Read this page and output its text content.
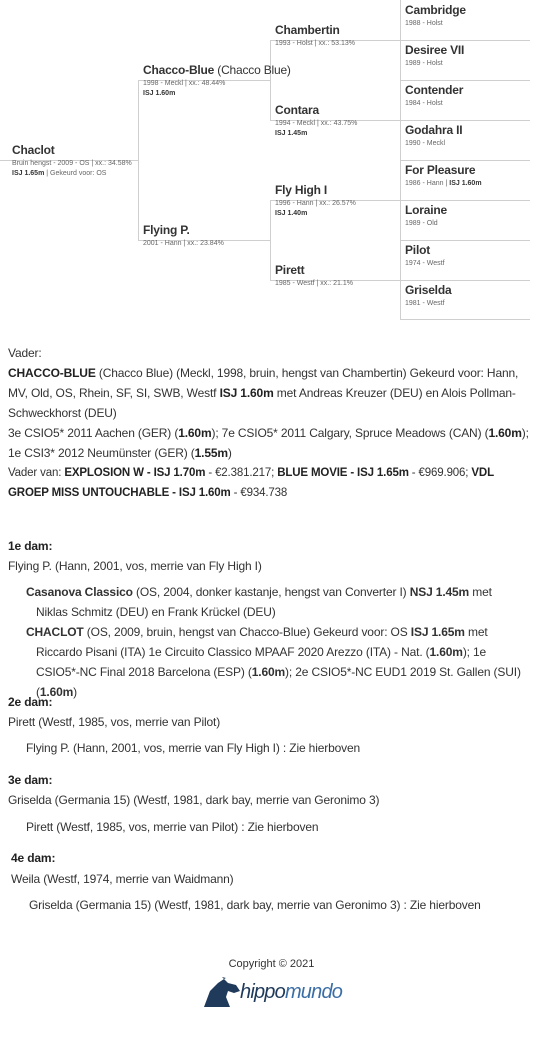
Chaclot
Bruin hengst - 2009 - OS | xx.: 34.58%
ISJ 1.65m | Gekeurd voor: OS
Chacco-Blue (Chacco Blue)
1998 - Meckl | xx.: 48.44%
ISJ 1.60m
Flying P.
2001 - Hann | xx.: 23.84%
Chambertin
1993 - Holst | xx.: 53.13%
Contara
1994 - Meckl | xx.: 43.75%
ISJ 1.45m
Fly High I
1996 - Hann | xx.: 26.57%
ISJ 1.40m
Pirett
1985 - Westf | xx.: 21.1%
Cambridge
1988 - Holst
Desiree VII
1989 - Holst
Contender
1984 - Holst
Godahra II
1990 - Meckl
For Pleasure
1986 - Hann | ISJ 1.60m
Loraine
1989 - Old
Pilot
1974 - Westf
Griselda
1981 - Westf
Vader:
CHACCO-BLUE (Chacco Blue) (Meckl, 1998, bruin, hengst van Chambertin) Gekeurd voor: Hann, MV, Old, OS, Rhein, SF, SI, SWB, Westf ISJ 1.60m met Andreas Kreuzer (DEU) en Alois Pollman-Schweckhorst (DEU)
3e CSIO5* 2011 Aachen (GER) (1.60m); 7e CSIO5* 2011 Calgary, Spruce Meadows (CAN) (1.60m); 1e CSI3* 2012 Neumünster (GER) (1.55m)
Vader van: EXPLOSION W - ISJ 1.70m - €2.381.217; BLUE MOVIE - ISJ 1.65m - €969.906; VDL GROEP MISS UNTOUCHABLE - ISJ 1.60m - €934.738
1e dam:
Flying P. (Hann, 2001, vos, merrie van Fly High I)
Casanova Classico (OS, 2004, donker kastanje, hengst van Converter I) NSJ 1.45m met Niklas Schmitz (DEU) en Frank Krückel (DEU)
CHACLOT (OS, 2009, bruin, hengst van Chacco-Blue) Gekeurd voor: OS ISJ 1.65m met Riccardo Pisani (ITA) 1e Circuito Classico MPAAF 2020 Arezzo (ITA) - Nat. (1.60m); 1e CSIO5*-NC Final 2018 Barcelona (ESP) (1.60m); 2e CSIO5*-NC EUD1 2019 St. Gallen (SUI) (1.60m)
2e dam:
Pirett (Westf, 1985, vos, merrie van Pilot)
Flying P. (Hann, 2001, vos, merrie van Fly High I) : Zie hierboven
3e dam:
Griselda (Germania 15) (Westf, 1981, dark bay, merrie van Geronimo 3)
Pirett (Westf, 1985, vos, merrie van Pilot) : Zie hierboven
4e dam:
Weila (Westf, 1974, merrie van Waidmann)
Griselda (Germania 15) (Westf, 1981, dark bay, merrie van Geronimo 3) : Zie hierboven
Copyright © 2021
hippomundo
